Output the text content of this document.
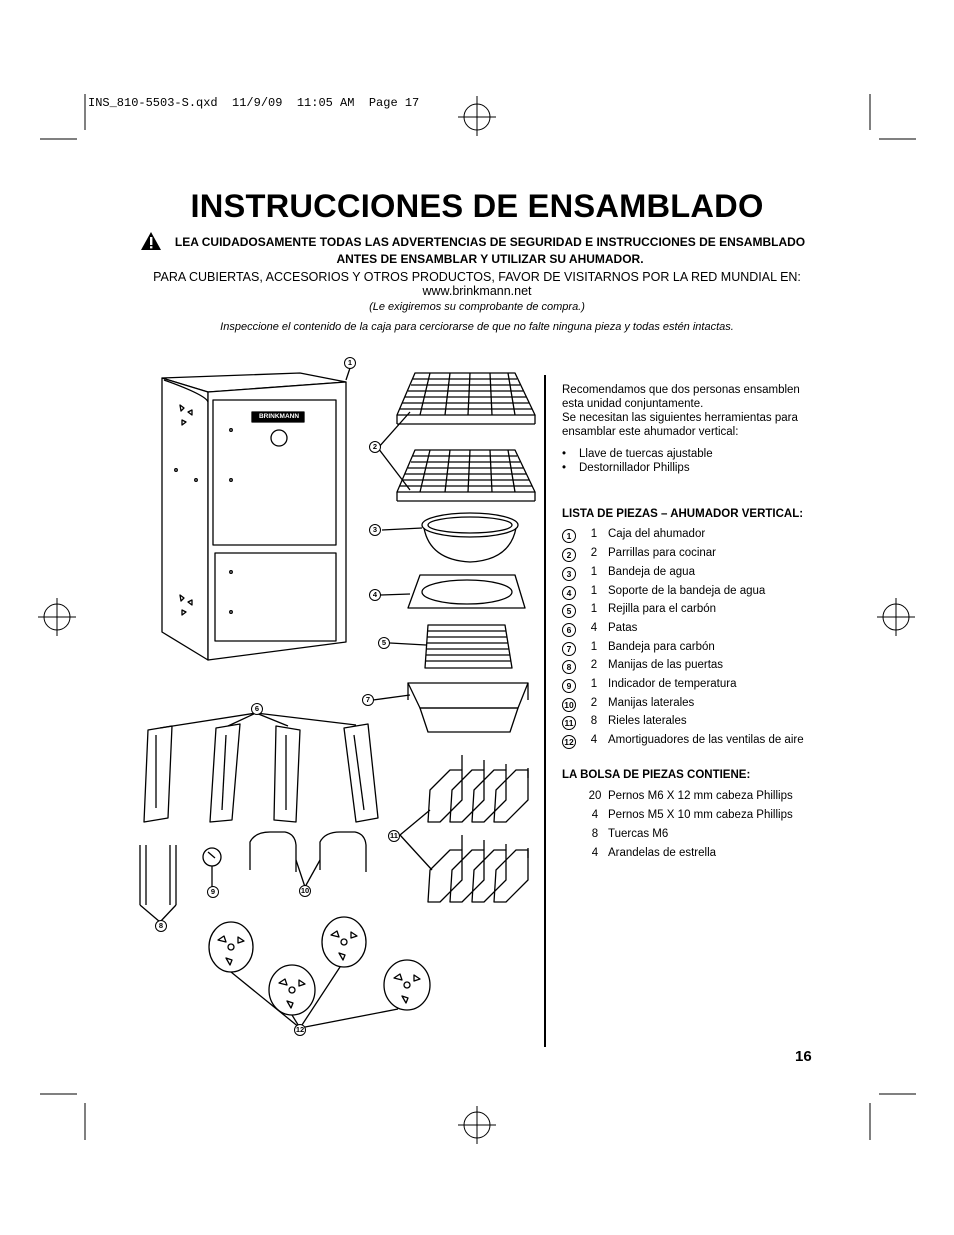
INS_810-5503-S.qxd  11/9/09  11:05 AM  Page 17
INSTRUCCIONES DE ENSAMBLADO
LEA CUIDADOSAMENTE TODAS LAS ADVERTENCIAS DE SEGURIDAD E INSTRUCCIONES DE ENSAMBLADO ANTES DE ENSAMBLAR Y UTILIZAR SU AHUMADOR.
PARA CUBIERTAS, ACCESORIOS Y OTROS PRODUCTOS, FAVOR DE VISITARNOS POR LA RED MUNDIAL EN:
www.brinkmann.net
(Le exigiremos su comprobante de compra.)
Inspeccione el contenido de la caja para cerciorarse de que no falte ninguna pieza y todas estén intactas.
BRINKMANN
1
2
3
4
5
6
7
8
9	10
11
12
Recomendamos que dos personas ensamblen
esta unidad conjuntamente.
Se necesitan las siguientes herramientas para
ensamblar este ahumador vertical:
• Llave de tuercas ajustable
• Destornillador Phillips
LISTA DE PIEZAS – AHUMADOR VERTICAL:
1	1 Caja del ahumador
2	2 Parrillas para cocinar
3	1 Bandeja de agua
4	1 Soporte de la bandeja de agua
5	1 Rejilla para el carbón
6	4 Patas
7	1 Bandeja para carbón
8	2 Manijas de las puertas
9	1 Indicador de temperatura
10 2 Manijas laterales
11 8 Rieles laterales
12 4 Amortiguadores de las ventilas de aire
LA BOLSA DE PIEZAS CONTIENE:
20 Pernos M6 X 12 mm cabeza Phillips
4 Pernos M5 X 10 mm cabeza Phillips
8 Tuercas M6
4 Arandelas de estrella
16
